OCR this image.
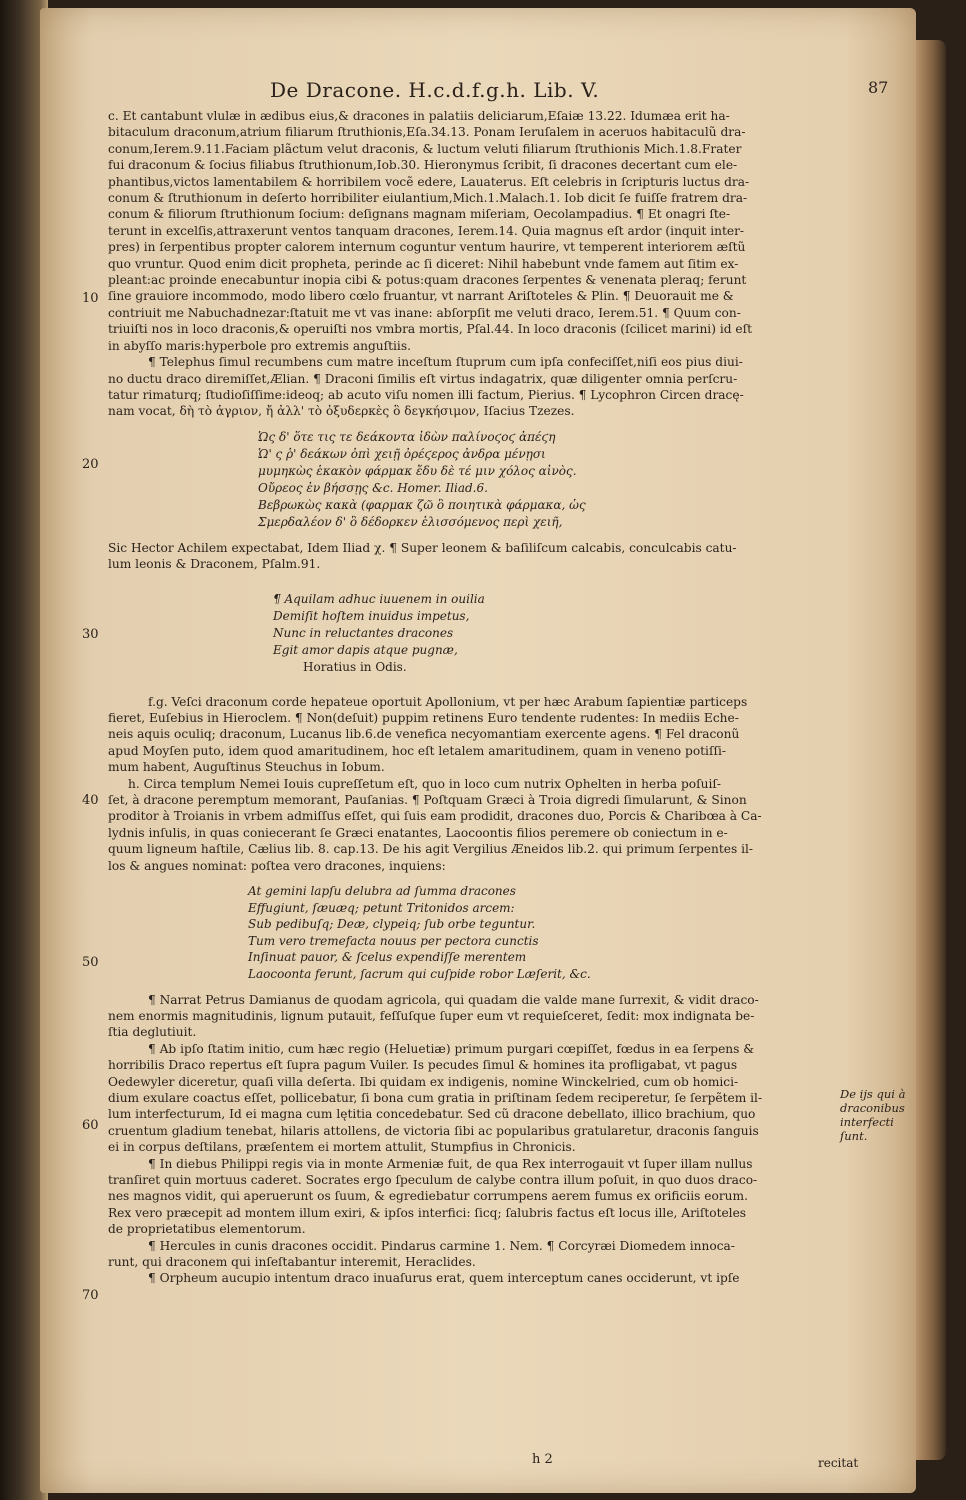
De Dracone. H.c.d.f.g.h. Lib. V.	87
10
20
30
40
50
60
70
De ijs qui à draconibus interfecti ſunt.
c. Et cantabunt vlulæ in ædibus eius,& dracones in palatiis deliciarum,Eſaiæ 13.22. Idumæa erit ha-
bitaculum draconum,atrium filiarum ſtruthionis,Eſa.34.13. Ponam Ieruſalem in aceruos habitaculũ dra-
conum,Ierem.9.11.Faciam plãctum velut draconis, & luctum veluti filiarum ſtruthionis Mich.1.8.Frater
fui draconum & ſocius filiabus ſtruthionum,Iob.30. Hieronymus ſcribit, ſi dracones decertant cum ele-
phantibus,victos lamentabilem & horribilem vocẽ edere, Lauaterus. Eſt celebris in ſcripturis luctus dra-
conum & ſtruthionum in deſerto horribiliter eiulantium,Mich.1.Malach.1. Iob dicit ſe fuiſſe fratrem dra-
conum & filiorum ſtruthionum ſocium: deſignans magnam miſeriam, Oecolampadius. ¶ Et onagri ſte-
terunt in excelſis,attraxerunt ventos tanquam dracones, Ierem.14. Quia magnus eſt ardor (inquit inter-
pres) in ſerpentibus propter calorem internum coguntur ventum haurire, vt temperent interiorem æſtũ
quo vruntur. Quod enim dicit propheta, perinde ac ſi diceret: Nihil habebunt vnde famem aut ſitim ex-
pleant:ac proinde enecabuntur inopia cibi & potus:quam dracones ſerpentes & venenata pleraq; ferunt
ſine grauiore incommodo, modo libero cœlo fruantur, vt narrant Ariſtoteles & Plin. ¶ Deuorauit me &
contriuit me Nabuchadnezar:ſtatuit me vt vas inane: abſorpſit me veluti draco, Ierem.51. ¶ Quum con-
triuiſti nos in loco draconis,& operuiſti nos vmbra mortis, Pſal.44. In loco draconis (ſcilicet marini) id eſt
in abyſſo maris:hyperbole pro extremis anguſtiis.
¶ Telephus ſimul recumbens cum matre inceſtum ſtuprum cum ipſa confeciſſet,niſi eos pius diui-
no ductu draco diremiſſet,Ælian. ¶ Draconi ſimilis eſt virtus indagatrix, quæ diligenter omnia perſcru-
tatur rimaturq; ſtudioſiſſime:ideoq; ab acuto viſu nomen illi factum, Pierius. ¶ Lycophron Circen dracę-
nam vocat, δὴ τὸ ἀγριον, ἤ ἀλλ' τὸ ὀξυδερκὲς ὃ δεγκήσιμον, Iſacius Tzezes.
Ὡς δ' ὅτε τις τε δεάκοντα ἰδὼν παλίνοϛοϛ ἀπέϛη
Ὡ' ς ῥ' δεάκων ὀπὶ χειῇ ὀρέϛερος ἀνδρα μένῃσι
μυμηκὼς ἑκακὸν φάρμακ ἔδυ δὲ τέ μιν χόλος αἰνὸς.
Οὔρεος ἐν βήσσῃς &c. Homer. Iliad.6.
Βεβρωκὼς κακὰ (φαρμακ ζῶ ὃ ποιητικὰ φάρμακα, ὡς
Σμερδαλέον δ' ὃ δέδορκεν ἑλισσόμενος περὶ χειῆ,
Sic Hector Achilem expectabat, Idem Iliad χ. ¶ Super leonem & baſiliſcum calcabis, conculcabis catu-
lum leonis & Draconem, Pſalm.91.
¶ Aquilam adhuc iuuenem in ouilia
Demiſit hoſtem inuidus impetus,
Nunc in reluctantes dracones
Egit amor dapis atque pugnæ,
Horatius in Odis.
f.g. Veſci draconum corde hepateue oportuit Apollonium, vt per hæc Arabum ſapientiæ particeps
fieret, Euſebius in Hieroclem. ¶ Non(deſuit) puppim retinens Euro tendente rudentes: In mediis Eche-
neis aquis oculiq; draconum, Lucanus lib.6.de venefica necyomantiam exercente agens. ¶ Fel draconũ
apud Moyſen puto, idem quod amaritudinem, hoc eſt letalem amaritudinem, quam in veneno potiſſi-
mum habent, Auguſtinus Steuchus in Iobum.
h. Circa templum Nemei Iouis cupreſſetum eſt, quo in loco cum nutrix Ophelten in herba poſuiſ-
ſet, à dracone peremptum memorant, Pauſanias. ¶ Poſtquam Græci à Troia digredi ſimularunt, & Sinon
proditor à Troianis in vrbem admiſſus eſſet, qui ſuis eam prodidit, dracones duo, Porcis & Charibœa à Ca-
lydnis inſulis, in quas coniecerant ſe Græci enatantes, Laocoontis filios peremere ob coniectum in e-
quum ligneum haſtile, Cælius lib. 8. cap.13. De his agit Vergilius Æneidos lib.2. qui primum ſerpentes il-
los & angues nominat: poſtea vero dracones, inquiens:
At gemini lapſu delubra ad ſumma dracones
Effugiunt, ſæuæq; petunt Tritonidos arcem:
Sub pedibuſq; Deæ, clypeiq; ſub orbe teguntur.
Tum vero tremefacta nouus per pectora cunctis
Inſinuat pauor, & ſcelus expendiſſe merentem
Laocoonta ferunt, ſacrum qui cuſpide robor Læſerit, &c.
¶ Narrat Petrus Damianus de quodam agricola, qui quadam die valde mane ſurrexit, & vidit draco-
nem enormis magnitudinis, lignum putauit, feſſuſque ſuper eum vt requieſceret, ſedit: mox indignata be-
ſtia deglutiuit.
¶ Ab ipſo ſtatim initio, cum hæc regio (Heluetiæ) primum purgari cœpiſſet, fœdus in ea ſerpens &
horribilis Draco repertus eſt ſupra pagum Vuiler. Is pecudes ſimul & homines ita profligabat, vt pagus
Oedewyler diceretur, quaſi villa deſerta. Ibi quidam ex indigenis, nomine Winckelried, cum ob homici-
dium exulare coactus eſſet, pollicebatur, ſi bona cum gratia in priſtinam ſedem reciperetur, ſe ſerpẽtem il-
lum interfecturum, Id ei magna cum lętitia concedebatur. Sed cũ dracone debellato, illico brachium, quo
cruentum gladium tenebat, hilaris attollens, de victoria ſibi ac popularibus gratularetur, draconis ſanguis
ei in corpus deſtilans, præſentem ei mortem attulit, Stumpfius in Chronicis.
¶ In diebus Philippi regis via in monte Armeniæ fuit, de qua Rex interrogauit vt ſuper illam nullus
tranſiret quin mortuus caderet. Socrates ergo ſpeculum de calybe contra illum poſuit, in quo duos draco-
nes magnos vidit, qui aperuerunt os ſuum, & egrediebatur corrumpens aerem fumus ex orificiis eorum.
Rex vero præcepit ad montem illum exiri, & ipſos interfici: ſicq; ſalubris factus eſt locus ille, Ariſtoteles
de proprietatibus elementorum.
¶ Hercules in cunis dracones occidit. Pindarus carmine 1. Nem. ¶ Corcyræi Diomedem innoca-
runt, qui draconem qui inſeſtabantur interemit, Heraclides.
¶ Orpheum aucupio intentum draco inuaſurus erat, quem interceptum canes occiderunt, vt ipſe
h 2	recitat
